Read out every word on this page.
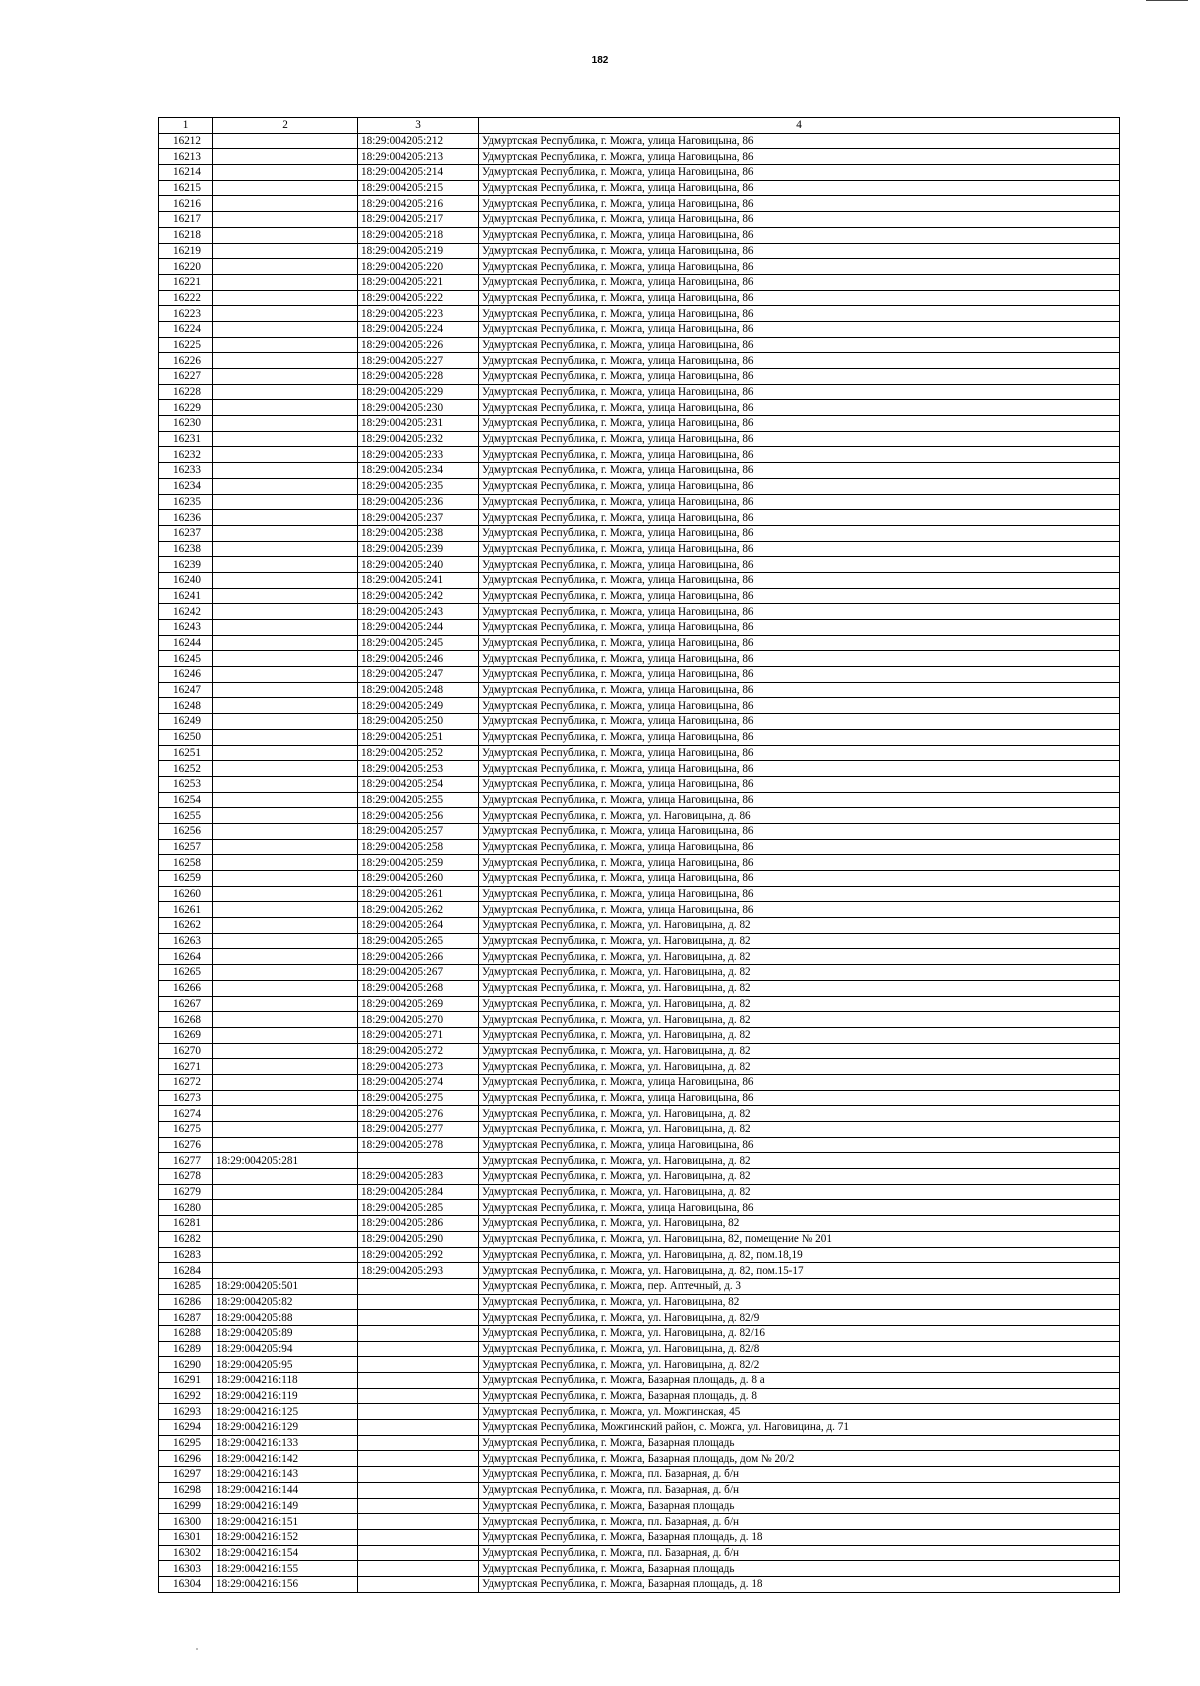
182
1	2	3	4
16212		18:29:004205:212	Удмуртская Республика, г. Можга, улица Наговицына, 86
16213		18:29:004205:213	Удмуртская Республика, г. Можга, улица Наговицына, 86
16214		18:29:004205:214	Удмуртская Республика, г. Можга, улица Наговицына, 86
16215		18:29:004205:215	Удмуртская Республика, г. Можга, улица Наговицына, 86
16216		18:29:004205:216	Удмуртская Республика, г. Можга, улица Наговицына, 86
16217		18:29:004205:217	Удмуртская Республика, г. Можга, улица Наговицына, 86
16218		18:29:004205:218	Удмуртская Республика, г. Можга, улица Наговицына, 86
16219		18:29:004205:219	Удмуртская Республика, г. Можга, улица Наговицына, 86
16220		18:29:004205:220	Удмуртская Республика, г. Можга, улица Наговицына, 86
16221		18:29:004205:221	Удмуртская Республика, г. Можга, улица Наговицына, 86
16222		18:29:004205:222	Удмуртская Республика, г. Можга, улица Наговицына, 86
16223		18:29:004205:223	Удмуртская Республика, г. Можга, улица Наговицына, 86
16224		18:29:004205:224	Удмуртская Республика, г. Можга, улица Наговицына, 86
16225		18:29:004205:226	Удмуртская Республика, г. Можга, улица Наговицына, 86
16226		18:29:004205:227	Удмуртская Республика, г. Можга, улица Наговицына, 86
16227		18:29:004205:228	Удмуртская Республика, г. Можга, улица Наговицына, 86
16228		18:29:004205:229	Удмуртская Республика, г. Можга, улица Наговицына, 86
16229		18:29:004205:230	Удмуртская Республика, г. Можга, улица Наговицына, 86
16230		18:29:004205:231	Удмуртская Республика, г. Можга, улица Наговицына, 86
16231		18:29:004205:232	Удмуртская Республика, г. Можга, улица Наговицына, 86
16232		18:29:004205:233	Удмуртская Республика, г. Можга, улица Наговицына, 86
16233		18:29:004205:234	Удмуртская Республика, г. Можга, улица Наговицына, 86
16234		18:29:004205:235	Удмуртская Республика, г. Можга, улица Наговицына, 86
16235		18:29:004205:236	Удмуртская Республика, г. Можга, улица Наговицына, 86
16236		18:29:004205:237	Удмуртская Республика, г. Можга, улица Наговицына, 86
16237		18:29:004205:238	Удмуртская Республика, г. Можга, улица Наговицына, 86
16238		18:29:004205:239	Удмуртская Республика, г. Можга, улица Наговицына, 86
16239		18:29:004205:240	Удмуртская Республика, г. Можга, улица Наговицына, 86
16240		18:29:004205:241	Удмуртская Республика, г. Можга, улица Наговицына, 86
16241		18:29:004205:242	Удмуртская Республика, г. Можга, улица Наговицына, 86
16242		18:29:004205:243	Удмуртская Республика, г. Можга, улица Наговицына, 86
16243		18:29:004205:244	Удмуртская Республика, г. Можга, улица Наговицына, 86
16244		18:29:004205:245	Удмуртская Республика, г. Можга, улица Наговицына, 86
16245		18:29:004205:246	Удмуртская Республика, г. Можга, улица Наговицына, 86
16246		18:29:004205:247	Удмуртская Республика, г. Можга, улица Наговицына, 86
16247		18:29:004205:248	Удмуртская Республика, г. Можга, улица Наговицына, 86
16248		18:29:004205:249	Удмуртская Республика, г. Можга, улица Наговицына, 86
16249		18:29:004205:250	Удмуртская Республика, г. Можга, улица Наговицына, 86
16250		18:29:004205:251	Удмуртская Республика, г. Можга, улица Наговицына, 86
16251		18:29:004205:252	Удмуртская Республика, г. Можга, улица Наговицына, 86
16252		18:29:004205:253	Удмуртская Республика, г. Можга, улица Наговицына, 86
16253		18:29:004205:254	Удмуртская Республика, г. Можга, улица Наговицына, 86
16254		18:29:004205:255	Удмуртская Республика, г. Можга, улица Наговицына, 86
16255		18:29:004205:256	Удмуртская Республика, г. Можга, ул. Наговицына, д. 86
16256		18:29:004205:257	Удмуртская Республика, г. Можга, улица Наговицына, 86
16257		18:29:004205:258	Удмуртская Республика, г. Можга, улица Наговицына, 86
16258		18:29:004205:259	Удмуртская Республика, г. Можга, улица Наговицына, 86
16259		18:29:004205:260	Удмуртская Республика, г. Можга, улица Наговицына, 86
16260		18:29:004205:261	Удмуртская Республика, г. Можга, улица Наговицына, 86
16261		18:29:004205:262	Удмуртская Республика, г. Можга, улица Наговицына, 86
16262		18:29:004205:264	Удмуртская Республика, г. Можга, ул. Наговицына, д. 82
16263		18:29:004205:265	Удмуртская Республика, г. Можга, ул. Наговицына, д. 82
16264		18:29:004205:266	Удмуртская Республика, г. Можга, ул. Наговицына, д. 82
16265		18:29:004205:267	Удмуртская Республика, г. Можга, ул. Наговицына, д. 82
16266		18:29:004205:268	Удмуртская Республика, г. Можга, ул. Наговицына, д. 82
16267		18:29:004205:269	Удмуртская Республика, г. Можга, ул. Наговицына, д. 82
16268		18:29:004205:270	Удмуртская Республика, г. Можга, ул. Наговицына, д. 82
16269		18:29:004205:271	Удмуртская Республика, г. Можга, ул. Наговицына, д. 82
16270		18:29:004205:272	Удмуртская Республика, г. Можга, ул. Наговицына, д. 82
16271		18:29:004205:273	Удмуртская Республика, г. Можга, ул. Наговицына, д. 82
16272		18:29:004205:274	Удмуртская Республика, г. Можга, улица Наговицына, 86
16273		18:29:004205:275	Удмуртская Республика, г. Можга, улица Наговицына, 86
16274		18:29:004205:276	Удмуртская Республика, г. Можга, ул. Наговицына, д. 82
16275		18:29:004205:277	Удмуртская Республика, г. Можга, ул. Наговицына, д. 82
16276		18:29:004205:278	Удмуртская Республика, г. Можга, улица Наговицына, 86
16277	18:29:004205:281		Удмуртская Республика, г. Можга, ул. Наговицына, д. 82
16278		18:29:004205:283	Удмуртская Республика, г. Можга, ул. Наговицына, д. 82
16279		18:29:004205:284	Удмуртская Республика, г. Можга, ул. Наговицына, д. 82
16280		18:29:004205:285	Удмуртская Республика, г. Можга, улица Наговицына, 86
16281		18:29:004205:286	Удмуртская Республика, г. Можга, ул. Наговицына, 82
16282		18:29:004205:290	Удмуртская Республика, г. Можга, ул. Наговицына, 82, помещение № 201
16283		18:29:004205:292	Удмуртская Республика, г. Можга, ул. Наговицына, д. 82, пом.18,19
16284		18:29:004205:293	Удмуртская Республика, г. Можга, ул. Наговицына, д. 82, пом.15-17
16285	18:29:004205:501		Удмуртская Республика, г. Можга, пер. Аптечный, д. 3
16286	18:29:004205:82		Удмуртская Республика, г. Можга, ул. Наговицына, 82
16287	18:29:004205:88		Удмуртская Республика, г. Можга, ул. Наговицына, д. 82/9
16288	18:29:004205:89		Удмуртская Республика, г. Можга, ул. Наговицына, д. 82/16
16289	18:29:004205:94		Удмуртская Республика, г. Можга, ул. Наговицына, д. 82/8
16290	18:29:004205:95		Удмуртская Республика, г. Можга, ул. Наговицына, д. 82/2
16291	18:29:004216:118		Удмуртская Республика, г. Можга, Базарная площадь, д. 8 а
16292	18:29:004216:119		Удмуртская Республика, г. Можга, Базарная площадь, д. 8
16293	18:29:004216:125		Удмуртская Республика, г. Можга, ул. Можгинская, 45
16294	18:29:004216:129		Удмуртская Республика, Можгинский район, с. Можга, ул. Наговицина, д. 71
16295	18:29:004216:133		Удмуртская Республика, г. Можга, Базарная площадь
16296	18:29:004216:142		Удмуртская Республика, г. Можга, Базарная площадь, дом № 20/2
16297	18:29:004216:143		Удмуртская Республика, г. Можга, пл. Базарная, д. б/н
16298	18:29:004216:144		Удмуртская Республика, г. Можга, пл. Базарная, д. б/н
16299	18:29:004216:149		Удмуртская Республика, г. Можга, Базарная площадь
16300	18:29:004216:151		Удмуртская Республика, г. Можга, пл. Базарная, д. б/н
16301	18:29:004216:152		Удмуртская Республика, г. Можга, Базарная площадь, д. 18
16302	18:29:004216:154		Удмуртская Республика, г. Можга, пл. Базарная, д. б/н
16303	18:29:004216:155		Удмуртская Республика, г. Можга, Базарная площадь
16304	18:29:004216:156		Удмуртская Республика, г. Можга, Базарная площадь, д. 18
